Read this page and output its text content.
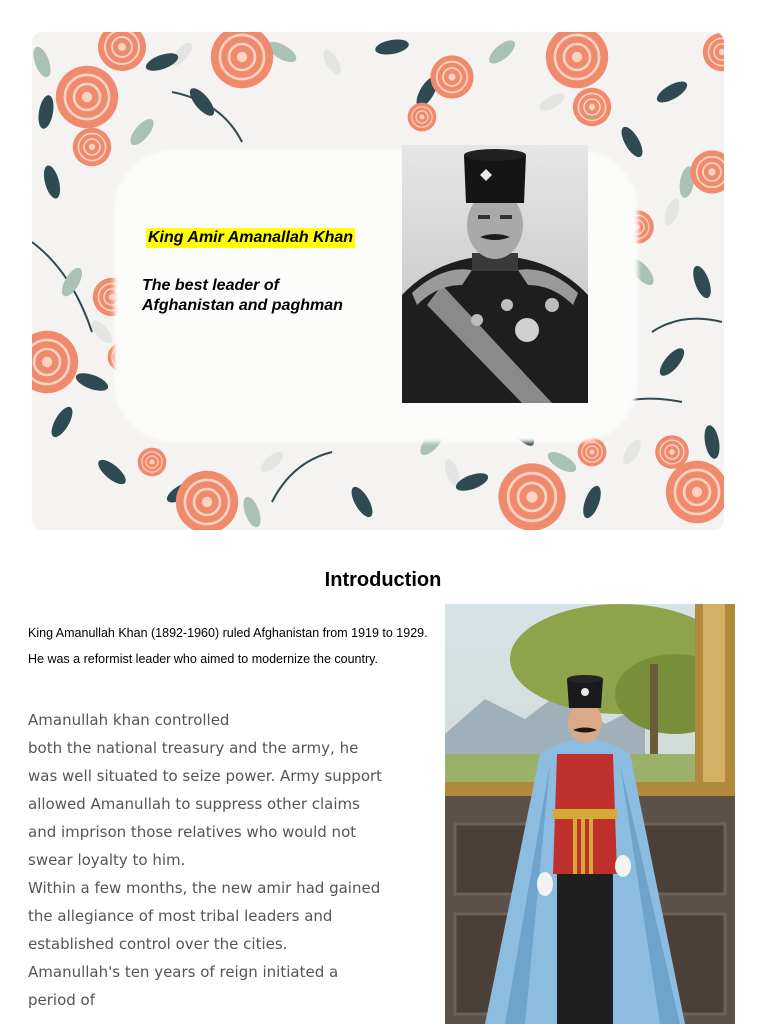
King Amir Amanallah Khan
The best leader of
Afghanistan and paghman
Introduction
King Amanullah Khan (1892-1960) ruled Afghanistan from 1919 to 1929.
He was a reformist leader who aimed to modernize the country.
Amanullah khan controlled
both the national treasury and the army, he
was well situated to seize power. Army support
allowed Amanullah to suppress other claims
and imprison those relatives who would not
swear loyalty to him.
Within a few months, the new amir had gained
the allegiance of most tribal leaders and
established control over the cities.
Amanullah's ten years of reign initiated a
period of
